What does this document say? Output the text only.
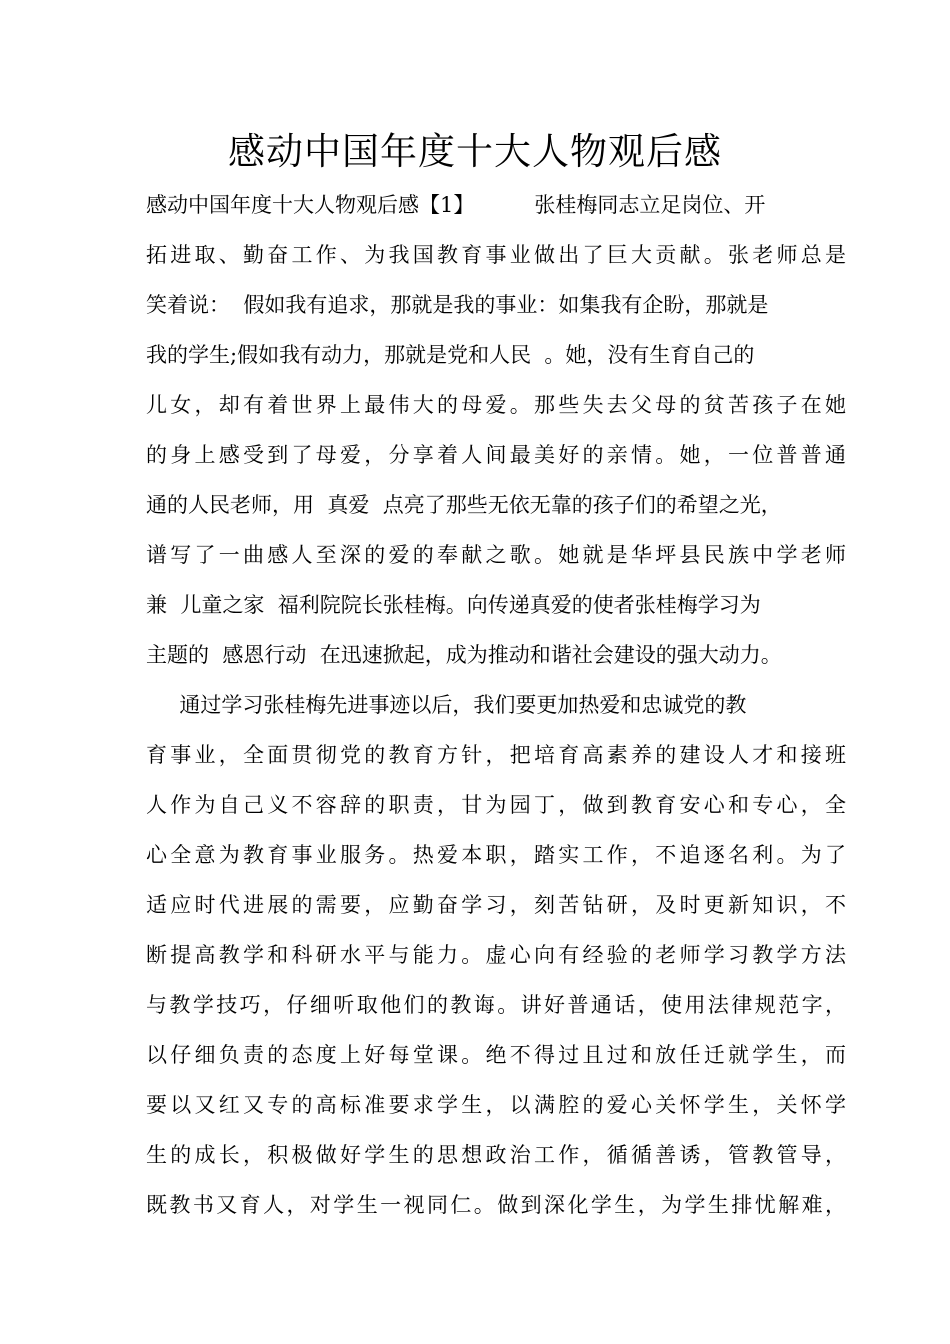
感动中国年度十大人物观后感
感动中国年度十大人物观后感【1】         张桂梅同志立足岗位、开
拓进取、勤奋工作、为我国教育事业做出了巨大贡献。张老师总是
笑着说：  假如我有追求，那就是我的事业：如集我有企盼，那就是
我的学生;假如我有动力，那就是党和人民  。她，没有生育自己的
儿女，却有着世界上最伟大的母爱。那些失去父母的贫苦孩子在她
的身上感受到了母爱，分享着人间最美好的亲情。她，一位普普通
通的人民老师，用  真爱  点亮了那些无依无靠的孩子们的希望之光，
谱写了一曲感人至深的爱的奉献之歌。她就是华坪县民族中学老师
兼  儿童之家  福利院院长张桂梅。向传递真爱的使者张桂梅学习为
主题的  感恩行动  在迅速掀起，成为推动和谐社会建设的强大动力。
通过学习张桂梅先进事迹以后，我们要更加热爱和忠诚党的教
育事业，全面贯彻党的教育方针，把培育高素养的建设人才和接班
人作为自己义不容辞的职责，甘为园丁，做到教育安心和专心，全
心全意为教育事业服务。热爱本职，踏实工作，不追逐名利。为了
适应时代进展的需要，应勤奋学习，刻苦钻研，及时更新知识，不
断提高教学和科研水平与能力。虚心向有经验的老师学习教学方法
与教学技巧，仔细听取他们的教诲。讲好普通话，使用法律规范字，
以仔细负责的态度上好每堂课。绝不得过且过和放任迁就学生，而
要以又红又专的高标准要求学生，以满腔的爱心关怀学生，关怀学
生的成长，积极做好学生的思想政治工作，循循善诱，管教管导，
既教书又育人，对学生一视同仁。做到深化学生，为学生排忧解难，
